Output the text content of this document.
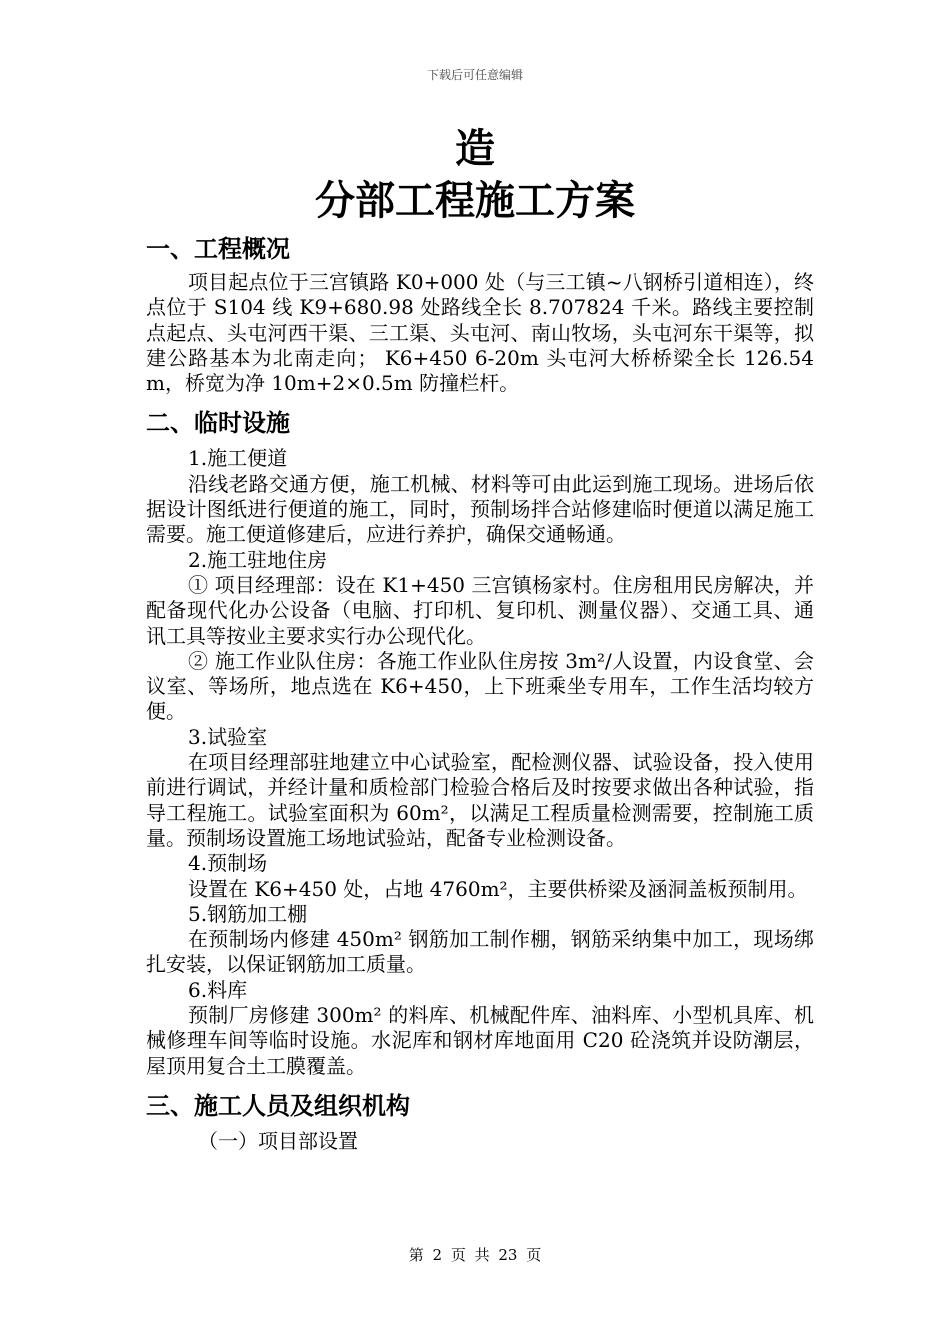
下载后可任意编辑
造
分部工程施工方案
一、工程概况

项目起点位于三宫镇路 K0+000 处（与三工镇~八钢桥引道相连），终点位于 S104 线 K9+680.98 处路线全长 8.707824 千米。路线主要控制点起点、头屯河西干渠、三工渠、头屯河、南山牧场，头屯河东干渠等，拟建公路基本为北南走向； K6+450 6-20m 头屯河大桥桥梁全长 126.54m，桥宽为净 10m+2×0.5m 防撞栏杆。

二、临时设施

1.施工便道

沿线老路交通方便，施工机械、材料等可由此运到施工现场。进场后依据设计图纸进行便道的施工，同时，预制场拌合站修建临时便道以满足施工需要。施工便道修建后，应进行养护，确保交通畅通。

2.施工驻地住房

① 项目经理部：设在 K1+450 三宫镇杨家村。住房租用民房解决，并配备现代化办公设备（电脑、打印机、复印机、测量仪器）、交通工具、通讯工具等按业主要求实行办公现代化。

② 施工作业队住房：各施工作业队住房按 3m²/人设置，内设食堂、会议室、等场所，地点选在 K6+450，上下班乘坐专用车，工作生活均较方便。

3.试验室

在项目经理部驻地建立中心试验室，配检测仪器、试验设备，投入使用前进行调试，并经计量和质检部门检验合格后及时按要求做出各种试验，指导工程施工。试验室面积为 60m²，以满足工程质量检测需要，控制施工质量。预制场设置施工场地试验站，配备专业检测设备。

4.预制场

设置在 K6+450 处，占地 4760m²，主要供桥梁及涵洞盖板预制用。

5.钢筋加工棚

在预制场内修建 450m² 钢筋加工制作棚，钢筋采纳集中加工，现场绑扎安装，以保证钢筋加工质量。

6.料库

预制厂房修建 300m² 的料库、机械配件库、油料库、小型机具库、机械修理车间等临时设施。水泥库和钢材库地面用 C20 砼浇筑并设防潮层，屋顶用复合土工膜覆盖。

三、施工人员及组织机构

（一）项目部设置

第 2 页 共 23 页
